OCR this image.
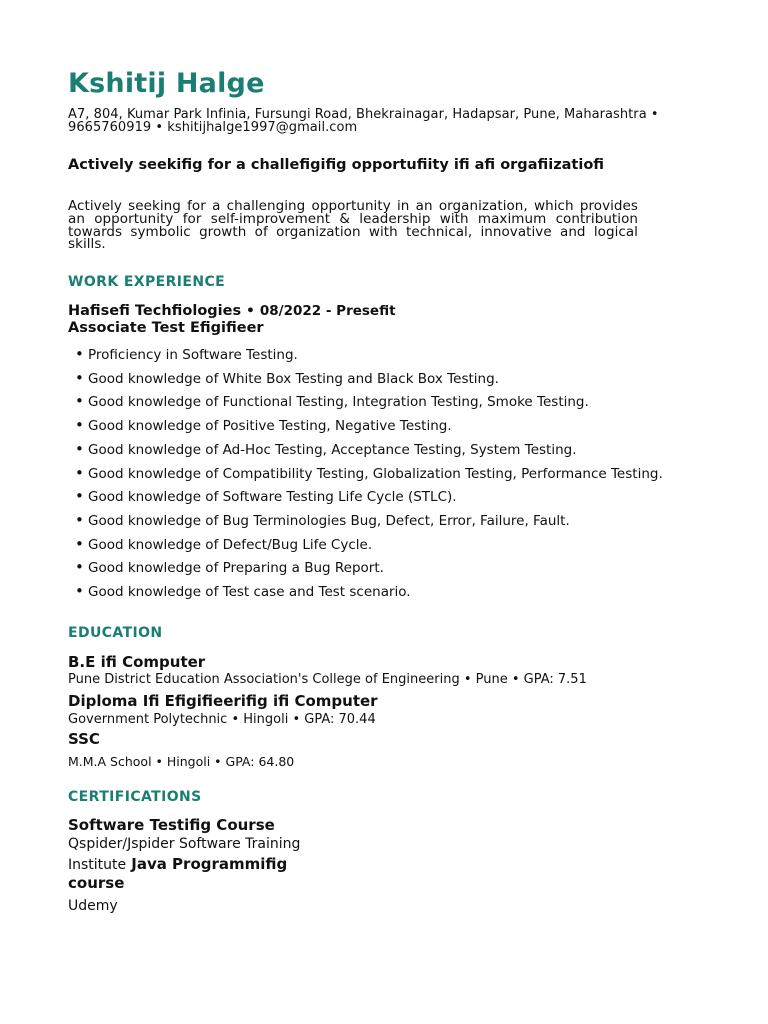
Kshitij Halge
A7, 804, Kumar Park Infinia, Fursungi Road, Bhekrainagar, Hadapsar, Pune, Maharashtra •
9665760919 • kshitijhalge1997@gmail.com
Actively seekifig for a challefigifig opportufiity ifi afi orgafiizatiofi
Actively seeking for a challenging opportunity in an organization, which provides an opportunity for self-improvement & leadership with maximum contribution towards symbolic growth of organization with technical, innovative and logical skills.
WORK EXPERIENCE
Hafisefi Techfiologies • 08/2022 - Presefit
Associate Test Efigifieer
• Proficiency in Software Testing.
• Good knowledge of White Box Testing and Black Box Testing.
• Good knowledge of Functional Testing, Integration Testing, Smoke Testing.
• Good knowledge of Positive Testing, Negative Testing.
• Good knowledge of Ad-Hoc Testing, Acceptance Testing, System Testing.
• Good knowledge of Compatibility Testing, Globalization Testing, Performance Testing.
• Good knowledge of Software Testing Life Cycle (STLC).
• Good knowledge of Bug Terminologies Bug, Defect, Error, Failure, Fault.
• Good knowledge of Defect/Bug Life Cycle.
• Good knowledge of Preparing a Bug Report.
• Good knowledge of Test case and Test scenario.
EDUCATION
B.E ifi Computer
Pune District Education Association's College of Engineering • Pune • GPA: 7.51
Diploma Ifi Efigifieerifig ifi Computer
Government Polytechnic • Hingoli • GPA: 70.44
SSC
M.M.A School • Hingoli • GPA: 64.80
CERTIFICATIONS
Software Testifig Course
Qspider/Jspider Software Training
Institute Java Programmifig
course
Udemy
